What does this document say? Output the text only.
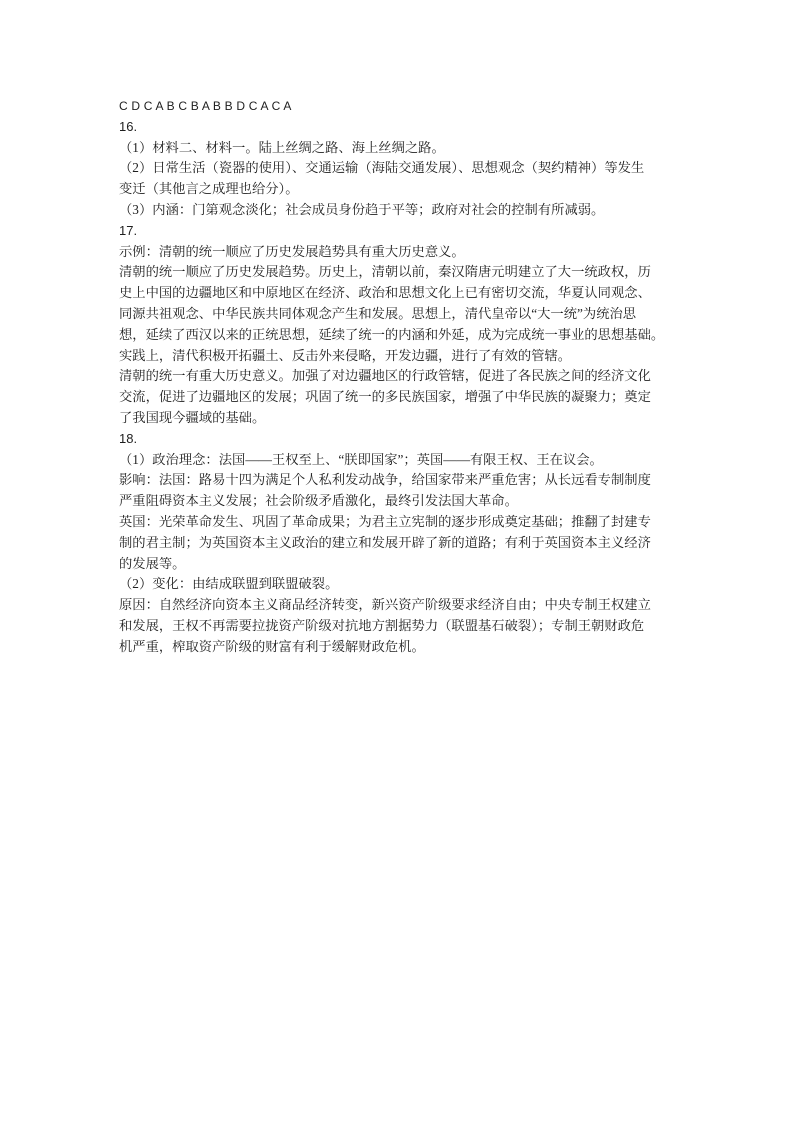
C D C A B C B A B B D C A C A
16.
（1）材料二、材料一。陆上丝绸之路、海上丝绸之路。
（2）日常生活（瓷器的使用）、交通运输（海陆交通发展）、思想观念（契约精神）等发生
变迁（其他言之成理也给分）。
（3）内涵：门第观念淡化；社会成员身份趋于平等；政府对社会的控制有所减弱。
17.
示例：清朝的统一顺应了历史发展趋势具有重大历史意义。
清朝的统一顺应了历史发展趋势。历史上，清朝以前，秦汉隋唐元明建立了大一统政权，历
史上中国的边疆地区和中原地区在经济、政治和思想文化上已有密切交流，华夏认同观念、
同源共祖观念、中华民族共同体观念产生和发展。思想上，清代皇帝以“大一统”为统治思
想，延续了西汉以来的正统思想，延续了统一的内涵和外延，成为完成统一事业的思想基础。
实践上，清代积极开拓疆土、反击外来侵略，开发边疆，进行了有效的管辖。
清朝的统一有重大历史意义。加强了对边疆地区的行政管辖，促进了各民族之间的经济文化
交流，促进了边疆地区的发展；巩固了统一的多民族国家，增强了中华民族的凝聚力；奠定
了我国现今疆域的基础。
18.
（1）政治理念：法国——王权至上、“朕即国家”；英国——有限王权、王在议会。
影响：法国：路易十四为满足个人私利发动战争，给国家带来严重危害；从长远看专制制度
严重阻碍资本主义发展；社会阶级矛盾激化，最终引发法国大革命。
英国：光荣革命发生、巩固了革命成果；为君主立宪制的逐步形成奠定基础；推翻了封建专
制的君主制；为英国资本主义政治的建立和发展开辟了新的道路；有利于英国资本主义经济
的发展等。
（2）变化：由结成联盟到联盟破裂。
原因：自然经济向资本主义商品经济转变，新兴资产阶级要求经济自由；中央专制王权建立
和发展，王权不再需要拉拢资产阶级对抗地方割据势力（联盟基石破裂）；专制王朝财政危
机严重，榨取资产阶级的财富有利于缓解财政危机。
